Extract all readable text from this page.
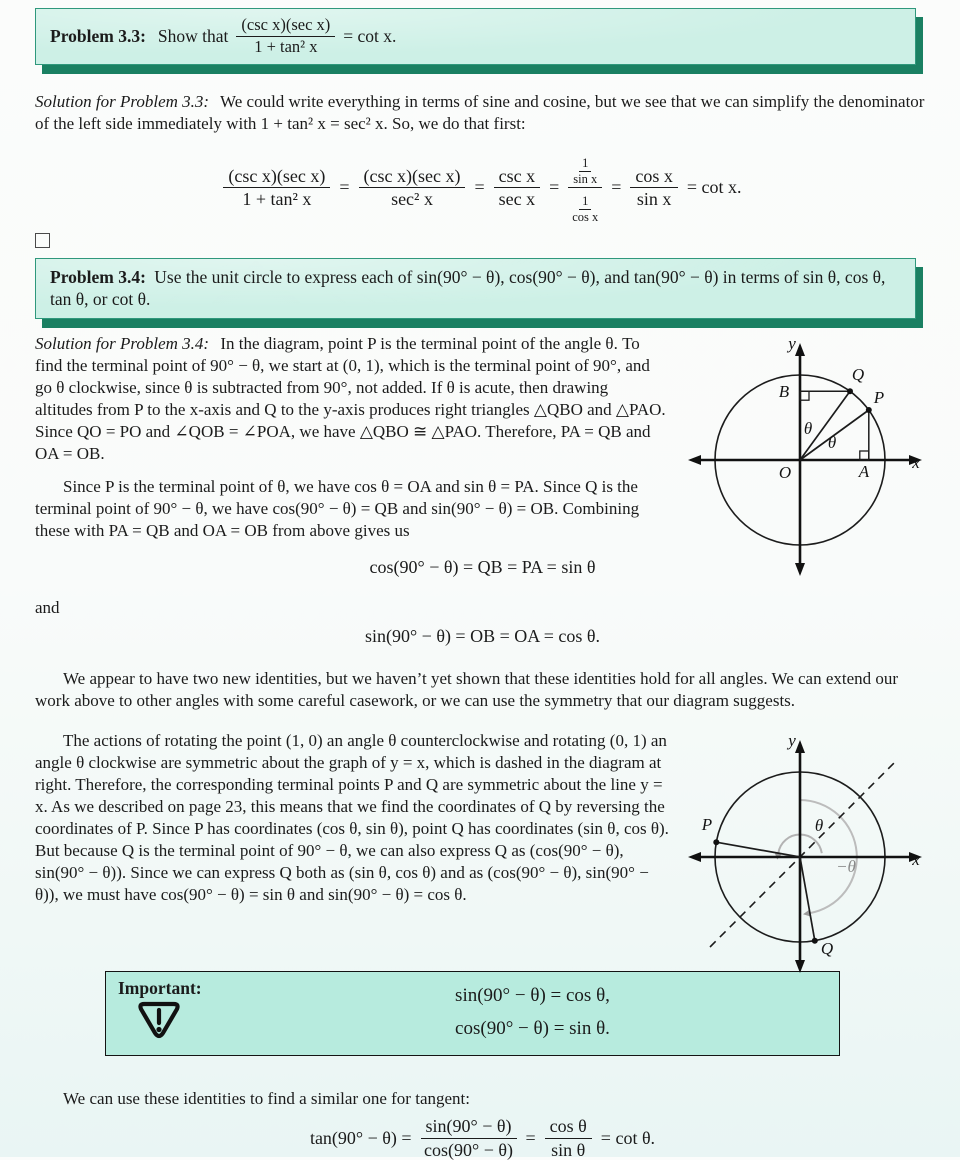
Problem 3.3: Show that $\frac{\text{(csc x)(sec x)}}{\text{1 + tan² x}} = \cot x$.

Solution for Problem 3.3: We could write everything in terms of sine and cosine, but we see that we can simplify the denominator of the left side immediately with 1 + tan² x = sec² x. So, we do that first:

$\frac{\text{(csc x)(sec x)}}{\text{1 + tan² x}} = \frac{\text{(csc x)(sec x)}}{\text{sec² x}} = \frac{\text{csc x}}{\text{sec x}} = \frac{\frac{1}{\text{sin x}}}{\frac{1}{\text{cos x}}} = \frac{\text{cos x}}{\text{sin x}} = \cot x$.

Problem 3.4: Use the unit circle to express each of sin(90° − θ), cos(90° − θ), and tan(90° − θ) in terms of sin θ, cos θ, tan θ, or cot θ.

Solution for Problem 3.4: In the diagram, point P is the terminal point of the angle θ. To find the terminal point of 90° − θ, we start at (0, 1), which is the terminal point of 90°, and go θ clockwise, since θ is subtracted from 90°, not added. If θ is acute, then drawing altitudes from P to the x-axis and Q to the y-axis produces right triangles △QBO and △PAO. Since QO = PO and ∠QOB = ∠POA, we have △QBO ≅ △PAO. Therefore, PA = QB and OA = OB.

Since P is the terminal point of θ, we have cos θ = OA and sin θ = PA. Since Q is the terminal point of 90° − θ, we have cos(90° − θ) = QB and sin(90° − θ) = OB. Combining these with PA = QB and OA = OB from above gives us

y
x
Q
P
B
O	A
θ
θ

cos(90° − θ) = QB = PA = sin θ

and

sin(90° − θ) = OB = OA = cos θ.

We appear to have two new identities, but we haven’t yet shown that these identities hold for all angles. We can extend our work above to other angles with some careful casework, or we can use the symmetry that our diagram suggests.

The actions of rotating the point (1, 0) an angle θ counterclockwise and rotating (0, 1) an angle θ clockwise are symmetric about the graph of y = x, which is dashed in the diagram at right. Therefore, the corresponding terminal points P and Q are symmetric about the line y = x. As we described on page 23, this means that we find the coordinates of Q by reversing the coordinates of P. Since P has coordinates (cos θ, sin θ), point Q has coordinates (sin θ, cos θ). But because Q is the terminal point of 90° − θ, we can also express Q as (cos(90° − θ), sin(90° − θ)). Since we can express Q both as (sin θ, cos θ) and as (cos(90° − θ), sin(90° − θ)), we must have cos(90° − θ) = sin θ and sin(90° − θ) = cos θ.

y
x
P
Q
θ
−θ
Important:	sin(90° − θ) = cos θ,
cos(90° − θ) = sin θ.

We can use these identities to find a similar one for tangent:

$\tan(90^\circ - \theta) = \frac{\sin(90^\circ - \theta)}{\cos(90^\circ - \theta)} = \frac{\text{cos θ}}{\text{sin θ}} = \cot \theta$.
